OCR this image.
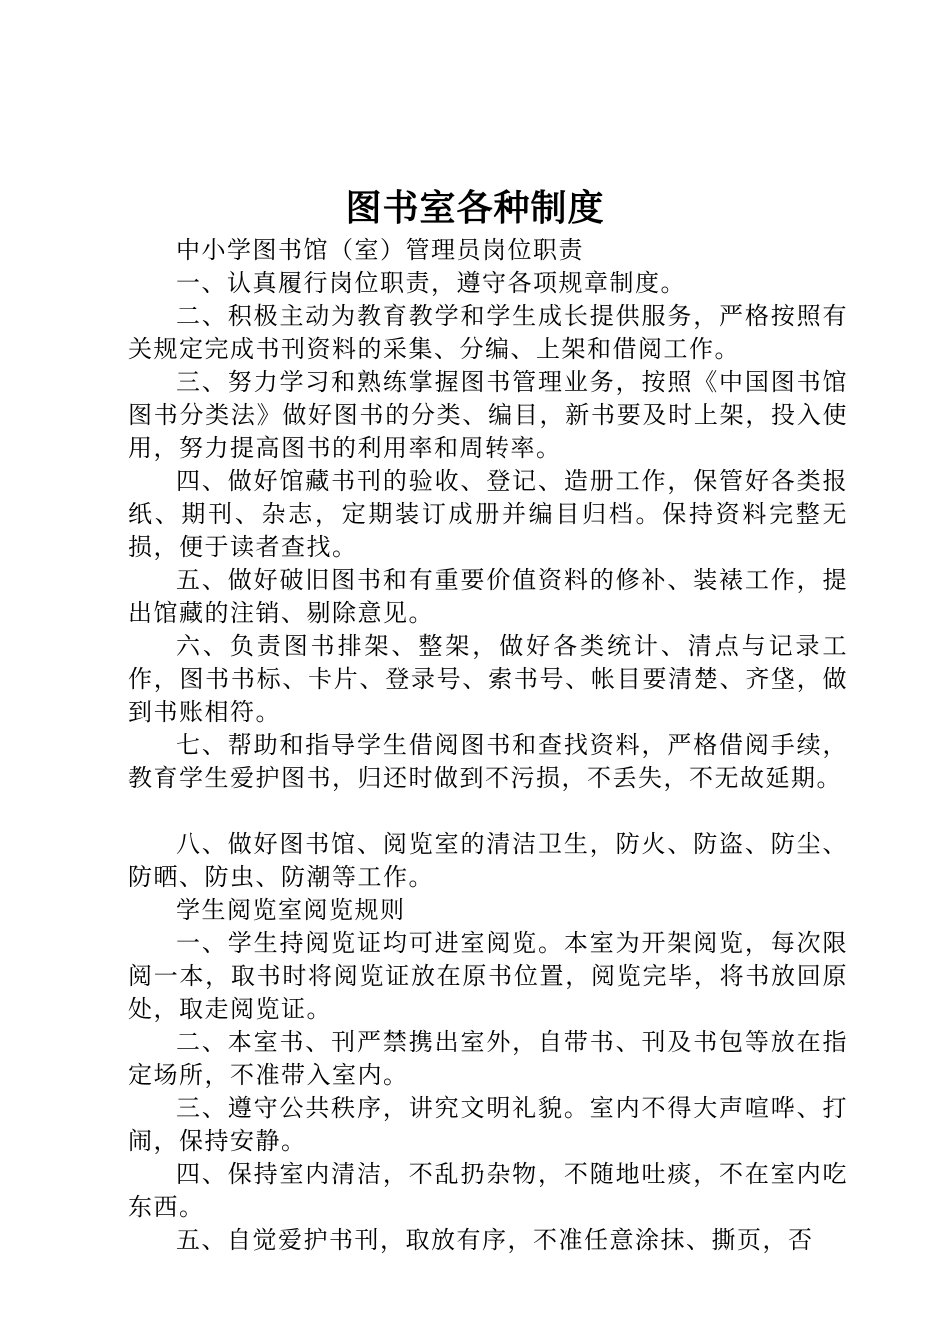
图书室各种制度

中小学图书馆（室）管理员岗位职责

一、认真履行岗位职责，遵守各项规章制度。

二、积极主动为教育教学和学生成长提供服务，严格按照有关规定完成书刊资料的采集、分编、上架和借阅工作。

三、努力学习和熟练掌握图书管理业务，按照《中国图书馆图书分类法》做好图书的分类、编目，新书要及时上架，投入使用，努力提高图书的利用率和周转率。

四、做好馆藏书刊的验收、登记、造册工作，保管好各类报纸、期刊、杂志，定期装订成册并编目归档。保持资料完整无损，便于读者查找。

五、做好破旧图书和有重要价值资料的修补、装裱工作，提出馆藏的注销、剔除意见。

六、负责图书排架、整架，做好各类统计、清点与记录工作，图书书标、卡片、登录号、索书号、帐目要清楚、齐垡，做到书账相符。

七、帮助和指导学生借阅图书和查找资料，严格借阅手续，教育学生爱护图书，归还时做到不污损，不丢失，不无故延期。

八、做好图书馆、阅览室的清洁卫生，防火、防盗、防尘、防晒、防虫、防潮等工作。

学生阅览室阅览规则

一、学生持阅览证均可进室阅览。本室为开架阅览，每次限阅一本，取书时将阅览证放在原书位置，阅览完毕，将书放回原处，取走阅览证。

二、本室书、刊严禁携出室外，自带书、刊及书包等放在指定场所，不准带入室内。

三、遵守公共秩序，讲究文明礼貌。室内不得大声喧哗、打闹，保持安静。

四、保持室内清洁，不乱扔杂物，不随地吐痰，不在室内吃东西。

五、自觉爱护书刊，取放有序，不准任意涂抹、撕页，否
